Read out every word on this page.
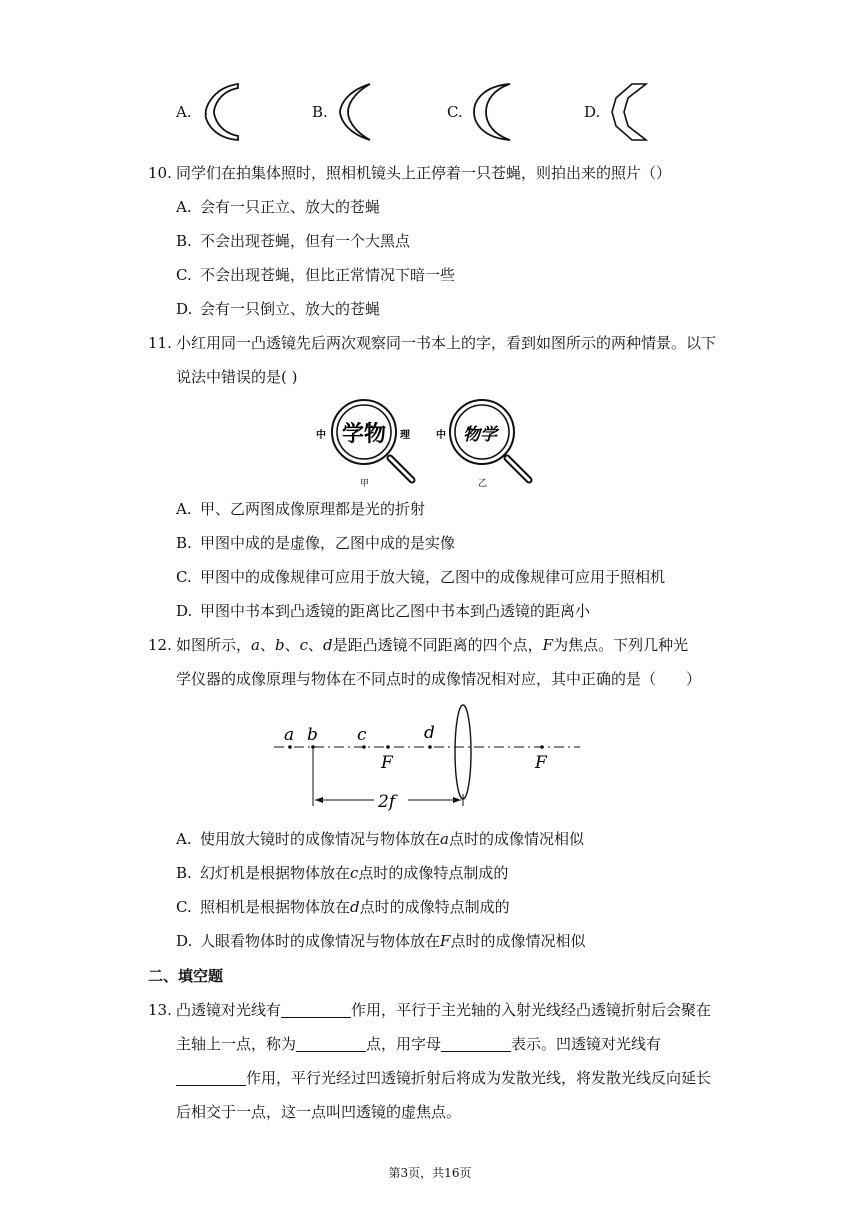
A.	B.	C.	D.
10. 同学们在拍集体照时，照相机镜头上正停着一只苍蝇，则拍出来的照片（）
A. 会有一只正立、放大的苍蝇
B. 不会出现苍蝇，但有一个大黑点
C. 不会出现苍蝇，但比正常情况下暗一些
D. 会有一只倒立、放大的苍蝇
11. 小红用同一凸透镜先后两次观察同一书本上的字，看到如图所示的两种情景。以下
说法中错误的是( )
中 学物 理
甲
中 物学
乙
A. 甲、乙两图成像原理都是光的折射
B. 甲图中成的是虚像，乙图中成的是实像
C. 甲图中的成像规律可应用于放大镜，乙图中的成像规律可应用于照相机
D. 甲图中书本到凸透镜的距离比乙图中书本到凸透镜的距离小
12. 如图所示，a、b、c、d是距凸透镜不同距离的四个点，F为焦点。下列几种光
学仪器的成像原理与物体在不同点时的成像情况相对应，其中正确的是（　　）
a b c	d
F	F
2f
A. 使用放大镜时的成像情况与物体放在a点时的成像情况相似
B. 幻灯机是根据物体放在c点时的成像特点制成的
C. 照相机是根据物体放在d点时的成像特点制成的
D. 人眼看物体时的成像情况与物体放在F点时的成像情况相似
二、填空题
13. 凸透镜对光线有	作用，平行于主光轴的入射光线经凸透镜折射后会聚在
主轴上一点，称为	点，用字母	表示。凹透镜对光线有
作用，平行光经过凹透镜折射后将成为发散光线，将发散光线反向延长
后相交于一点，这一点叫凹透镜的虚焦点。
第3页，共16页
